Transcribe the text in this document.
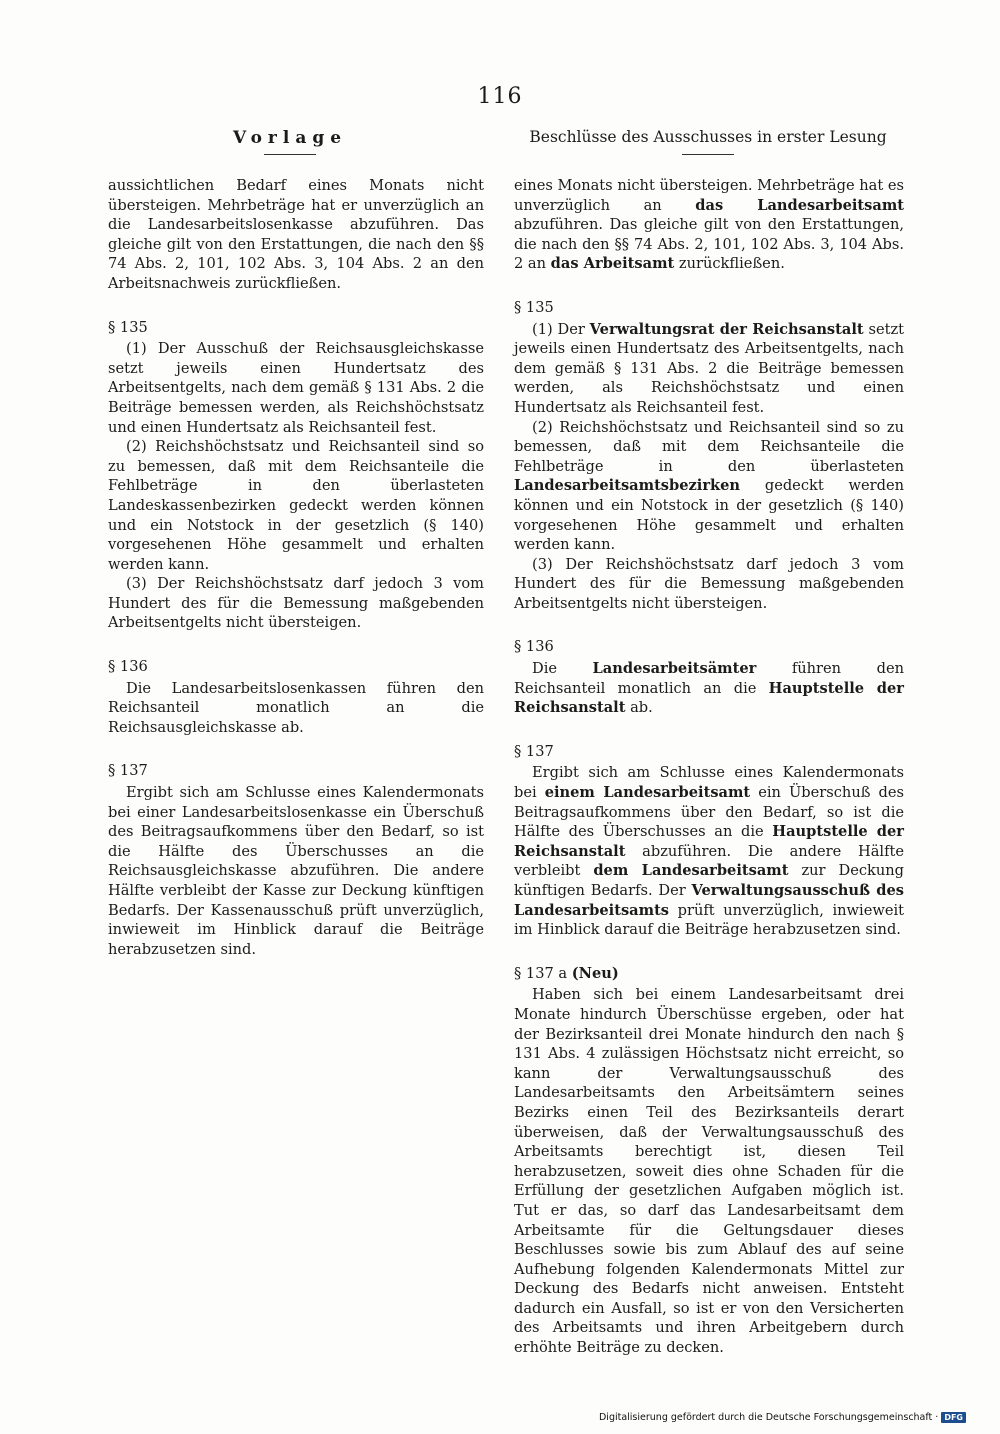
116
Vorlage	Beschlüsse des Ausschusses in erster Lesung

aussichtlichen Bedarf eines Monats nicht übersteigen. Mehrbeträge hat er unverzüglich an die Landesarbeitslosenkasse abzuführen. Das gleiche gilt von den Erstattungen, die nach den §§ 74 Abs. 2, 101, 102 Abs. 3, 104 Abs. 2 an den Arbeitsnachweis zurückfließen.

§ 135

(1) Der Ausschuß der Reichsausgleichskasse setzt jeweils einen Hundertsatz des Arbeitsentgelts, nach dem gemäß § 131 Abs. 2 die Beiträge bemessen werden, als Reichshöchstsatz und einen Hundertsatz als Reichsanteil fest.

(2) Reichshöchstsatz und Reichsanteil sind so zu bemessen, daß mit dem Reichsanteile die Fehlbeträge in den überlasteten Landeskassenbezirken gedeckt werden können und ein Notstock in der gesetzlich (§ 140) vorgesehenen Höhe gesammelt und erhalten werden kann.

(3) Der Reichshöchstsatz darf jedoch 3 vom Hundert des für die Bemessung maßgebenden Arbeitsentgelts nicht übersteigen.

§ 136

Die Landesarbeitslosenkassen führen den Reichsanteil monatlich an die Reichsausgleichskasse ab.

§ 137

Ergibt sich am Schlusse eines Kalendermonats bei einer Landesarbeitslosenkasse ein Überschuß des Beitragsaufkommens über den Bedarf, so ist die Hälfte des Überschusses an die Reichsausgleichskasse abzuführen. Die andere Hälfte verbleibt der Kasse zur Deckung künftigen Bedarfs. Der Kassenausschuß prüft unverzüglich, inwieweit im Hinblick darauf die Beiträge herabzusetzen sind.

eines Monats nicht übersteigen. Mehrbeträge hat es unverzüglich an das Landesarbeitsamt abzuführen. Das gleiche gilt von den Erstattungen, die nach den §§ 74 Abs. 2, 101, 102 Abs. 3, 104 Abs. 2 an das Arbeitsamt zurückfließen.

§ 135

(1) Der Verwaltungsrat der Reichsanstalt setzt jeweils einen Hundertsatz des Arbeitsentgelts, nach dem gemäß § 131 Abs. 2 die Beiträge bemessen werden, als Reichshöchstsatz und einen Hundertsatz als Reichsanteil fest.

(2) Reichshöchstsatz und Reichsanteil sind so zu bemessen, daß mit dem Reichsanteile die Fehlbeträge in den überlasteten Landesarbeitsamtsbezirken gedeckt werden können und ein Notstock in der gesetzlich (§ 140) vorgesehenen Höhe gesammelt und erhalten werden kann.

(3) Der Reichshöchstsatz darf jedoch 3 vom Hundert des für die Bemessung maßgebenden Arbeitsentgelts nicht übersteigen.

§ 136

Die Landesarbeitsämter führen den Reichsanteil monatlich an die Hauptstelle der Reichsanstalt ab.

§ 137

Ergibt sich am Schlusse eines Kalendermonats bei einem Landesarbeitsamt ein Überschuß des Beitragsaufkommens über den Bedarf, so ist die Hälfte des Überschusses an die Hauptstelle der Reichsanstalt abzuführen. Die andere Hälfte verbleibt dem Landesarbeitsamt zur Deckung künftigen Bedarfs. Der Verwaltungsausschuß des Landesarbeitsamts prüft unverzüglich, inwieweit im Hinblick darauf die Beiträge herabzusetzen sind.

§ 137 a (Neu)

Haben sich bei einem Landesarbeitsamt drei Monate hindurch Überschüsse ergeben, oder hat der Bezirksanteil drei Monate hindurch den nach § 131 Abs. 4 zulässigen Höchstsatz nicht erreicht, so kann der Verwaltungsausschuß des Landesarbeitsamts den Arbeitsämtern seines Bezirks einen Teil des Bezirksanteils derart überweisen, daß der Verwaltungsausschuß des Arbeitsamts berechtigt ist, diesen Teil herabzusetzen, soweit dies ohne Schaden für die Erfüllung der gesetzlichen Aufgaben möglich ist. Tut er das, so darf das Landesarbeitsamt dem Arbeitsamte für die Geltungsdauer dieses Beschlusses sowie bis zum Ablauf des auf seine Aufhebung folgenden Kalendermonats Mittel zur Deckung des Bedarfs nicht anweisen. Entsteht dadurch ein Ausfall, so ist er von den Versicherten des Arbeitsamts und ihren Arbeitgebern durch erhöhte Beiträge zu decken.

Digitalisierung gefördert durch die Deutsche Forschungsgemeinschaft · DFG
